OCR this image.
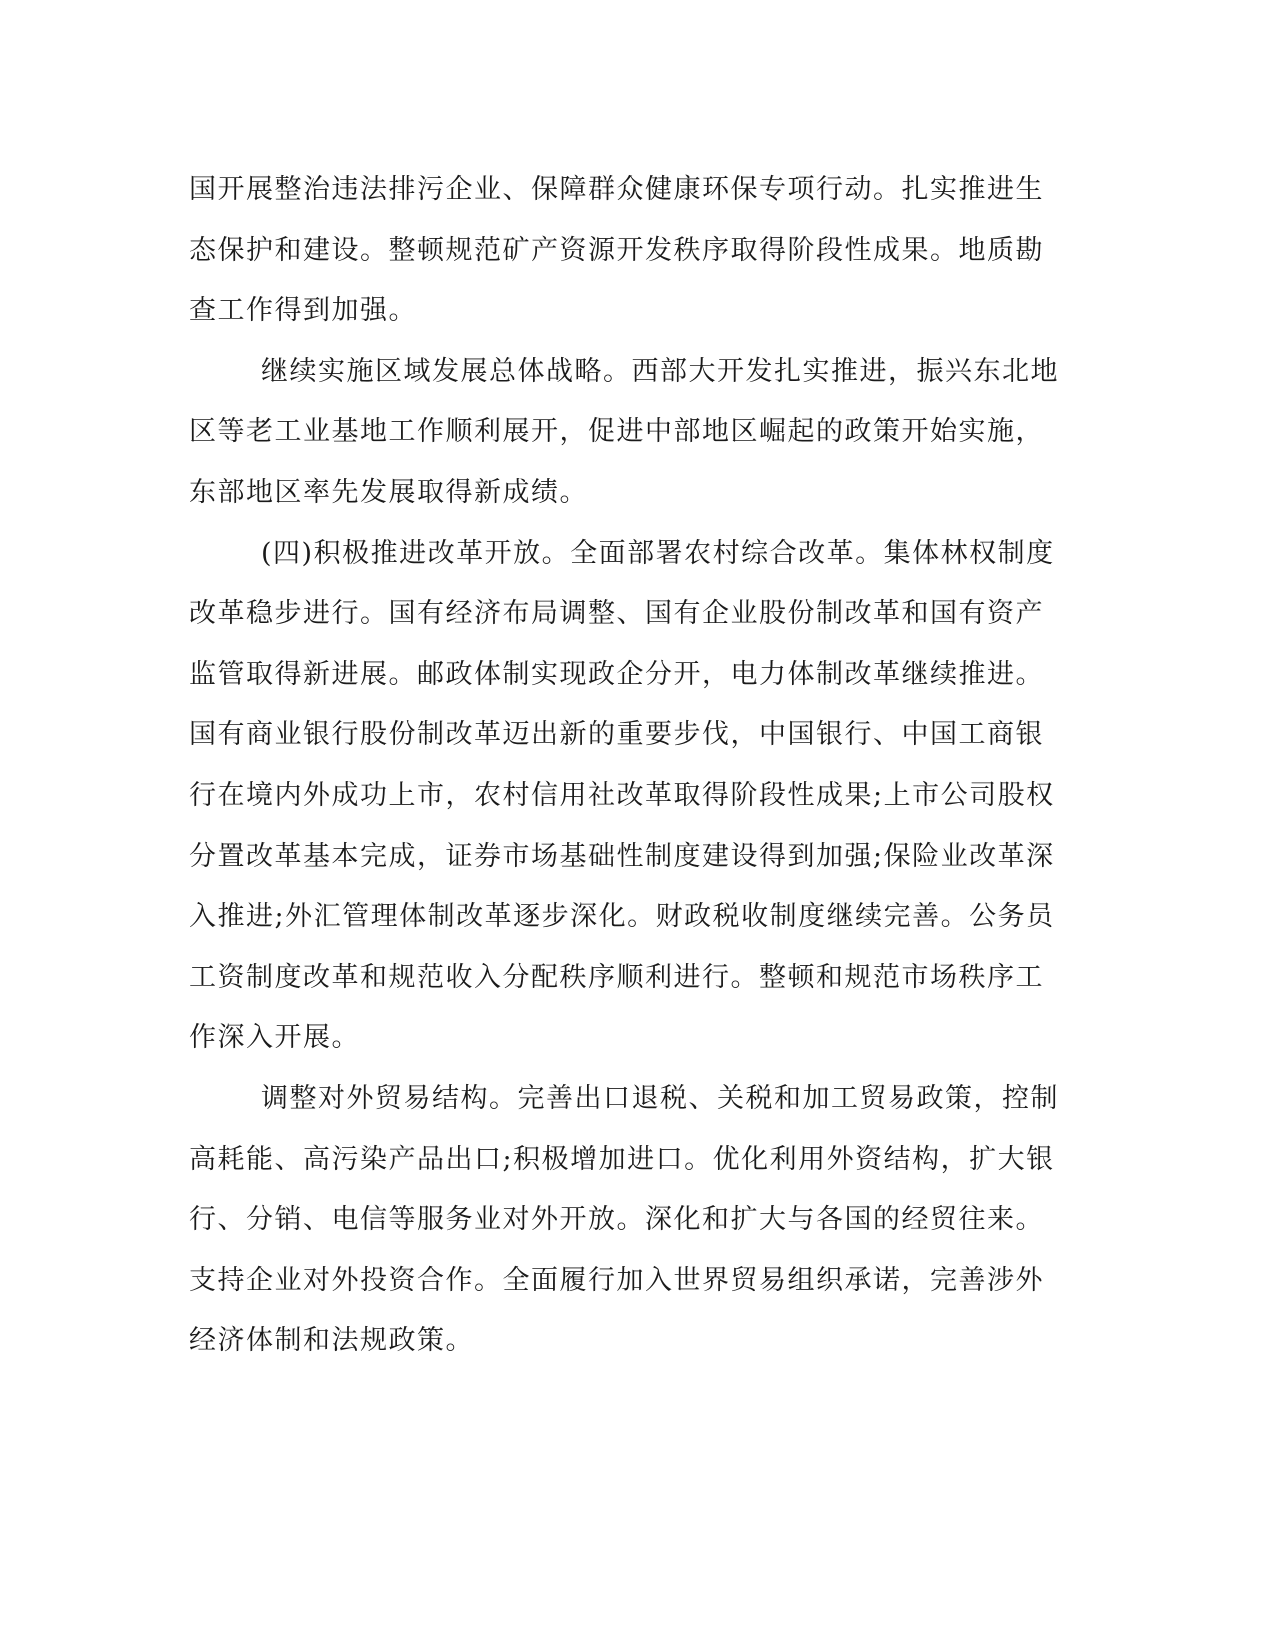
国开展整治违法排污企业、保障群众健康环保专项行动。扎实推进生
态保护和建设。整顿规范矿产资源开发秩序取得阶段性成果。地质勘
查工作得到加强。
继续实施区域发展总体战略。西部大开发扎实推进，振兴东北地
区等老工业基地工作顺利展开，促进中部地区崛起的政策开始实施，
东部地区率先发展取得新成绩。
(四)积极推进改革开放。全面部署农村综合改革。集体林权制度
改革稳步进行。国有经济布局调整、国有企业股份制改革和国有资产
监管取得新进展。邮政体制实现政企分开，电力体制改革继续推进。
国有商业银行股份制改革迈出新的重要步伐，中国银行、中国工商银
行在境内外成功上市，农村信用社改革取得阶段性成果;上市公司股权
分置改革基本完成，证券市场基础性制度建设得到加强;保险业改革深
入推进;外汇管理体制改革逐步深化。财政税收制度继续完善。公务员
工资制度改革和规范收入分配秩序顺利进行。整顿和规范市场秩序工
作深入开展。
调整对外贸易结构。完善出口退税、关税和加工贸易政策，控制
高耗能、高污染产品出口;积极增加进口。优化利用外资结构，扩大银
行、分销、电信等服务业对外开放。深化和扩大与各国的经贸往来。
支持企业对外投资合作。全面履行加入世界贸易组织承诺，完善涉外
经济体制和法规政策。
